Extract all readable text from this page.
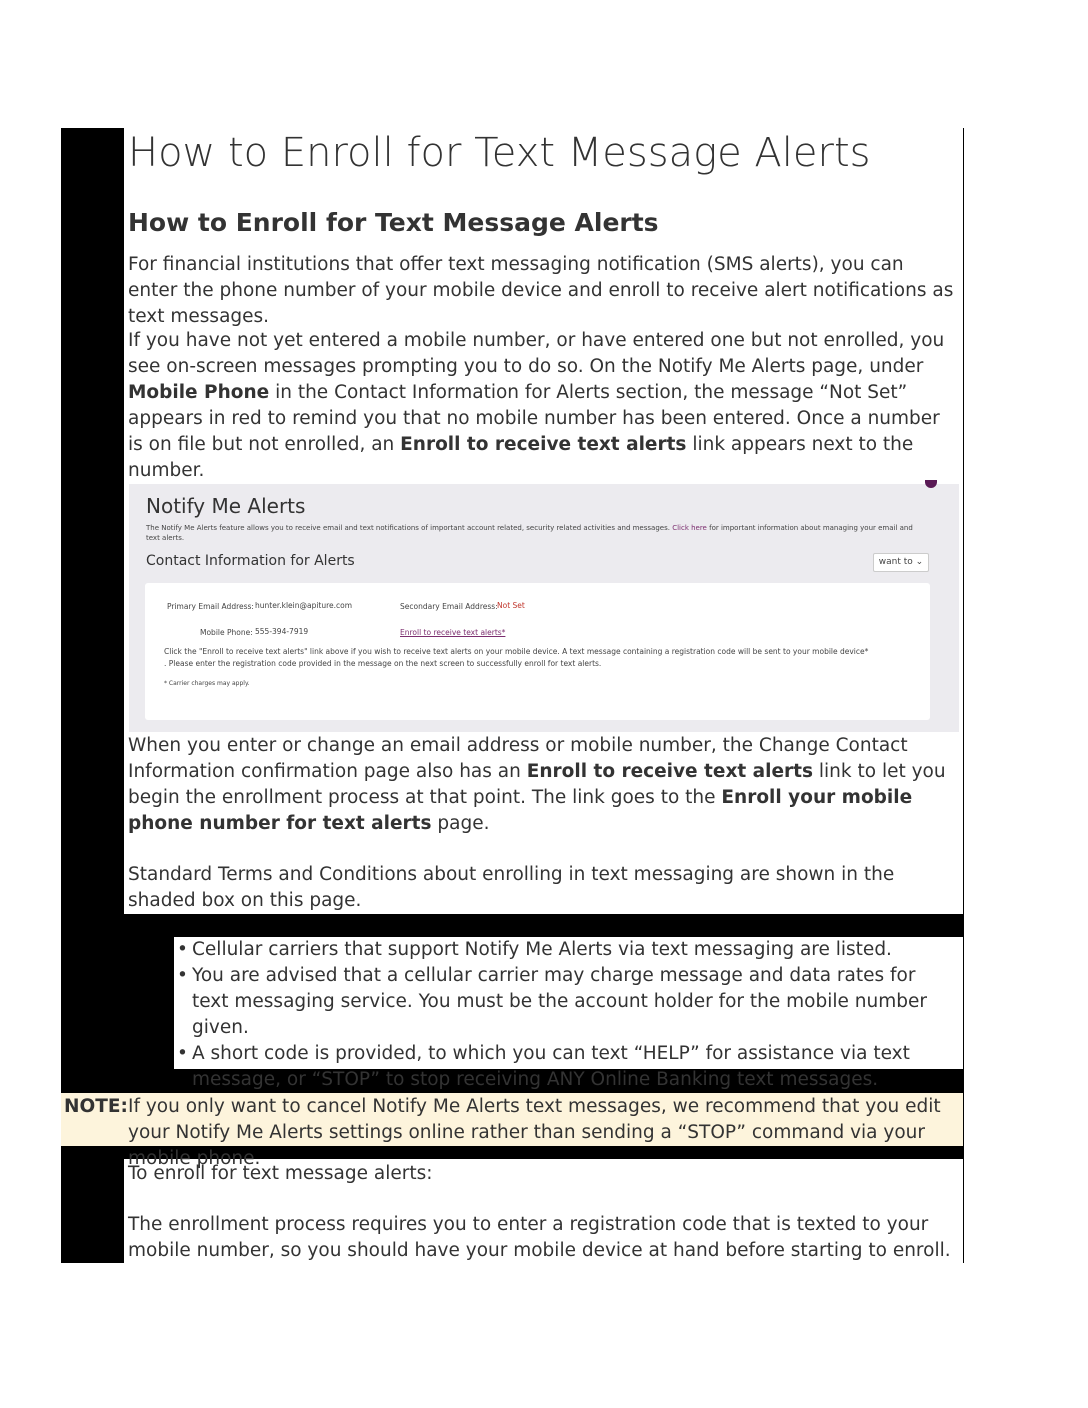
How to Enroll for Text Message Alerts
How to Enroll for Text Message Alerts

For financial institutions that offer text messaging notification (SMS alerts), you can enter the phone number of your mobile device and enroll to receive alert notifications as text messages.

If you have not yet entered a mobile number, or have entered one but not enrolled, you see on-screen messages prompting you to do so. On the Notify Me Alerts page, under Mobile Phone in the Contact Information for Alerts section, the message “Not Set” appears in red to remind you that no mobile number has been entered. Once a number is on file but not enrolled, an Enroll to receive text alerts link appears next to the number.

Notify Me Alerts
The Notify Me Alerts feature allows you to receive email and text notifications of important account related, security related activities and messages. Click here for important information about managing your email and text alerts.
Contact Information for Alerts	want to ⌄
Primary Email Address: hunter.klein@apiture.com	Secondary Email Address: Not Set
Mobile Phone: 555-394-7919	Enroll to receive text alerts*
Click the "Enroll to receive text alerts" link above if you wish to receive text alerts on your mobile device. A text message containing a registration code will be sent to your mobile device*
. Please enter the registration code provided in the message on the next screen to successfully enroll for text alerts.
* Carrier charges may apply.

When you enter or change an email address or mobile number, the Change Contact Information confirmation page also has an Enroll to receive text alerts link to let you begin the enrollment process at that point. The link goes to the Enroll your mobile phone number for text alerts page.

Standard Terms and Conditions about enrolling in text messaging are shown in the shaded box on this page.

• Cellular carriers that support Notify Me Alerts via text messaging are listed.
• You are advised that a cellular carrier may charge message and data rates for text messaging service. You must be the account holder for the mobile number given.
• A short code is provided, to which you can text “HELP” for assistance via text message, or “STOP” to stop receiving ANY Online Banking text messages.
NOTE: If you only want to cancel Notify Me Alerts text messages, we recommend that you edit your Notify Me Alerts settings online rather than sending a “STOP” command via your mobile phone.

To enroll for text message alerts:

The enrollment process requires you to enter a registration code that is texted to your mobile number, so you should have your mobile device at hand before starting to enroll.
